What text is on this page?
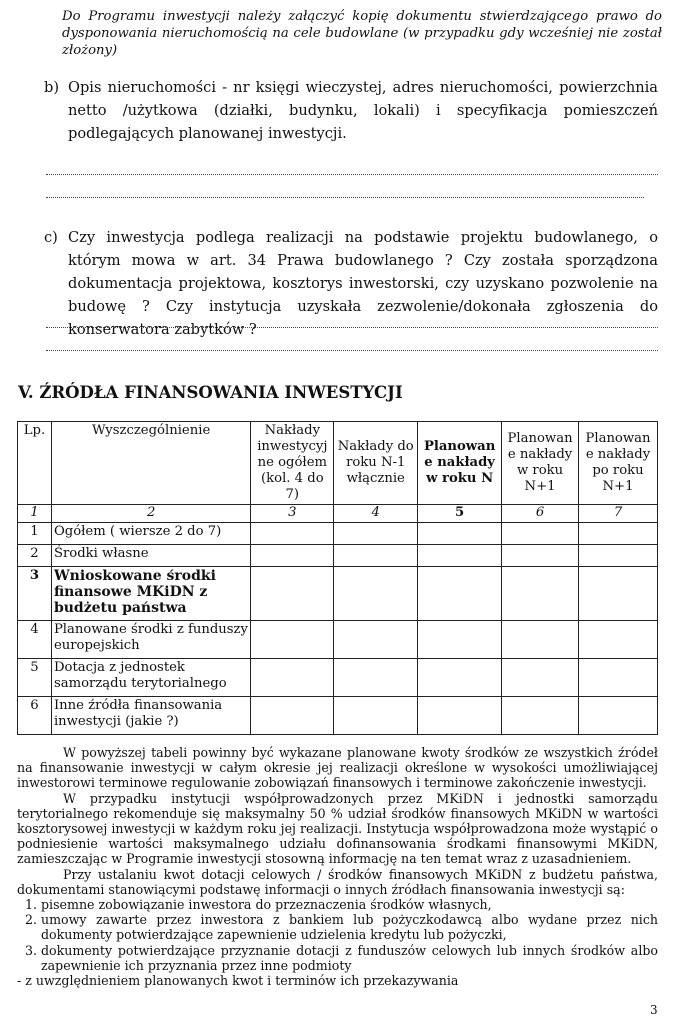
Do Programu inwestycji należy załączyć kopię dokumentu stwierdzającego prawo do dysponowania nieruchomością na cele budowlane (w przypadku gdy wcześniej nie został złożony)
b) Opis nieruchomości - nr księgi wieczystej, adres nieruchomości, powierzchnia netto /użytkowa (działki, budynku, lokali) i specyfikacja pomieszczeń podlegających planowanej inwestycji.
c) Czy inwestycja podlega realizacji na podstawie projektu budowlanego, o którym mowa w art. 34 Prawa budowlanego ? Czy została sporządzona dokumentacja projektowa, kosztorys inwestorski, czy uzyskano pozwolenie na budowę ? Czy instytucja uzyskała zezwolenie/dokonała zgłoszenia do konserwatora zabytków ?
V. ŹRÓDŁA FINANSOWANIA INWESTYCJI
Lp.	Wyszczególnienie	Nakłady inwestycyj ne ogółem (kol. 4 do 7)	Nakłady do roku N-1 włącznie	Planowan e nakłady w roku N	Planowan e nakłady w roku N+1	Planowan e nakłady po roku N+1
1	2	3	4	5	6	7
1	Ogółem ( wiersze 2 do 7)					
2	Środki własne					
3	Wnioskowane środki finansowe MKiDN z budżetu państwa					
4	Planowane środki z funduszy europejskich					
5	Dotacja z jednostek samorządu terytorialnego					
6	Inne źródła finansowania inwestycji (jakie ?)					

W powyższej tabeli powinny być wykazane planowane kwoty środków ze wszystkich źródeł na finansowanie inwestycji w całym okresie jej realizacji określone w wysokości umożliwiającej inwestorowi terminowe regulowanie zobowiązań finansowych i terminowe zakończenie inwestycji.

W przypadku instytucji współprowadzonych przez MKiDN i jednostki samorządu terytorialnego rekomenduje się maksymalny 50 % udział środków finansowych MKiDN w wartości kosztorysowej inwestycji w każdym roku jej realizacji. Instytucja współprowadzona może wystąpić o podniesienie wartości maksymalnego udziału dofinansowania środkami finansowymi MKiDN, zamieszczając w Programie inwestycji stosowną informację na ten temat wraz z uzasadnieniem.

Przy ustalaniu kwot dotacji celowych / środków finansowych MKiDN z budżetu państwa, dokumentami stanowiącymi podstawę informacji o innych źródłach finansowania inwestycji są:

1. pisemne zobowiązanie inwestora do przeznaczenia środków własnych,
2. umowy zawarte przez inwestora z bankiem lub pożyczkodawcą albo wydane przez nich dokumenty potwierdzające zapewnienie udzielenia kredytu lub pożyczki,
3. dokumenty potwierdzające przyznanie dotacji z funduszów celowych lub innych środków albo zapewnienie ich przyznania przez inne podmioty

- z uwzględnieniem planowanych kwot i terminów ich przekazywania

3
